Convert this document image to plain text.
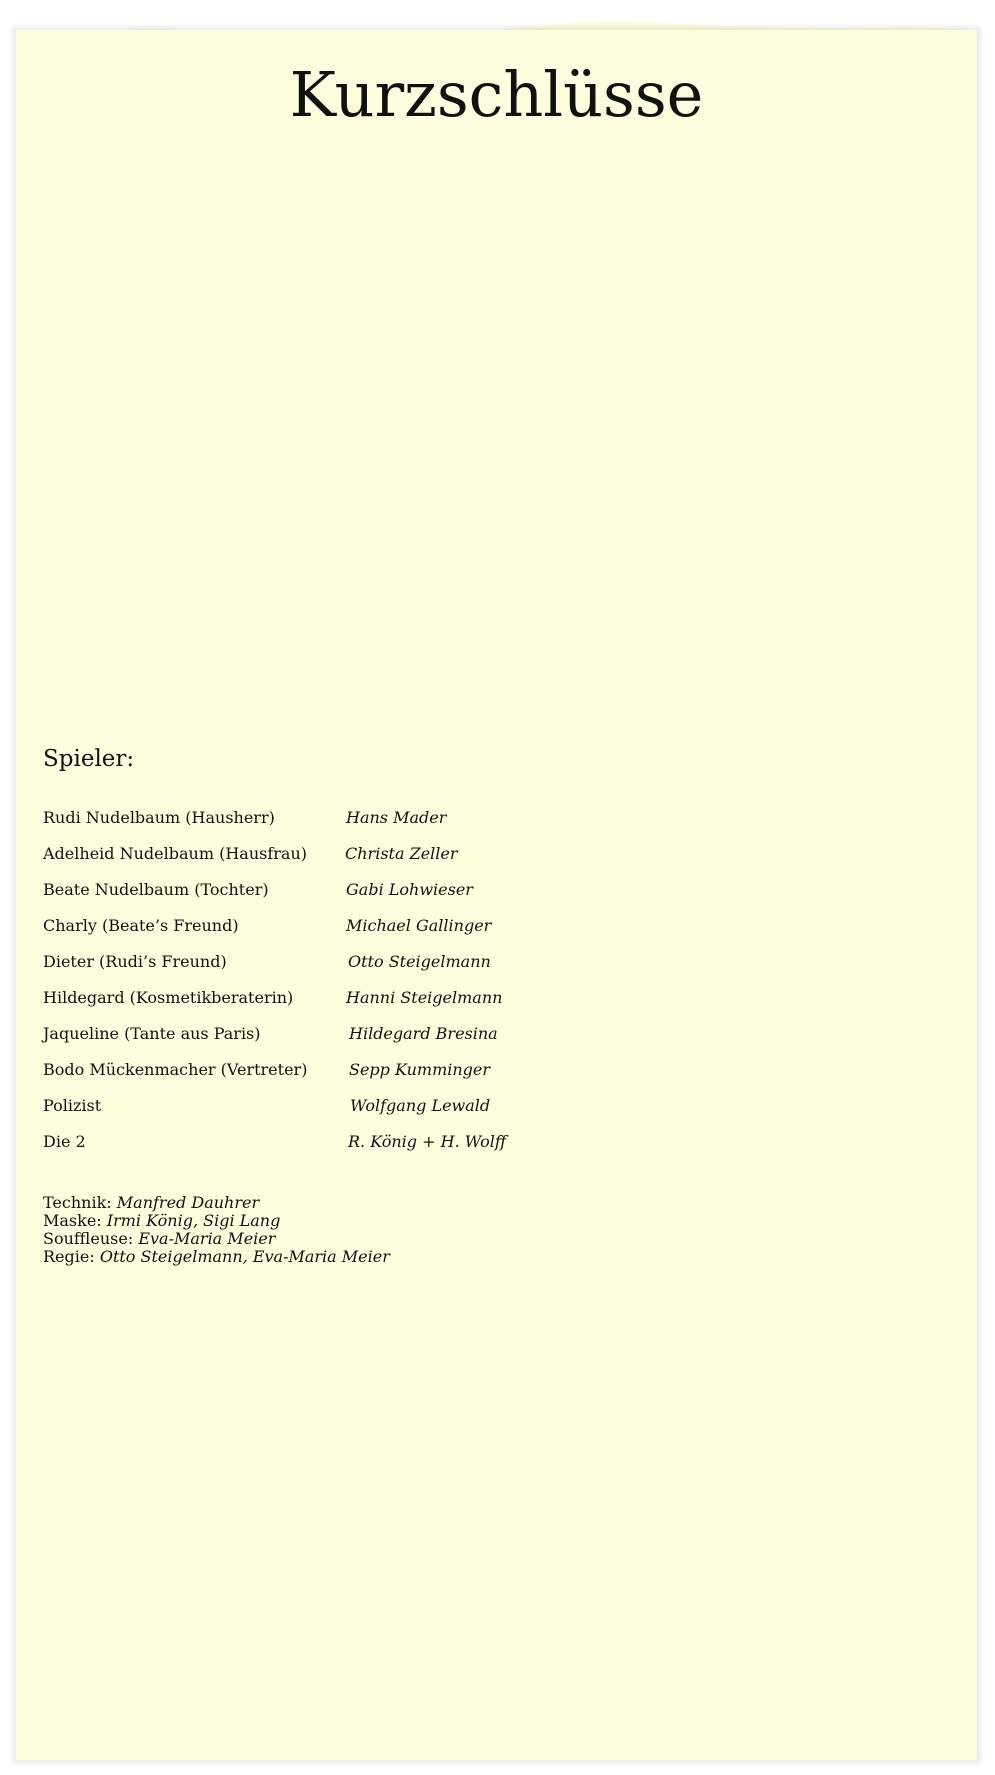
Kurzschlüsse
Spieler:
Rudi Nudelbaum (Hausherr)	Hans Mader
Adelheid Nudelbaum (Hausfrau) Christa Zeller
Beate Nudelbaum (Tochter)	Gabi Lohwieser
Charly (Beate’s Freund)	Michael Gallinger
Dieter (Rudi’s Freund)	Otto Steigelmann
Hildegard (Kosmetikberaterin)	Hanni Steigelmann
Jaqueline (Tante aus Paris)	Hildegard Bresina
Bodo Mückenmacher (Vertreter)	Sepp Kumminger
Polizist	Wolfgang Lewald
Die 2	R. König + H. Wolff
Technik: Manfred Dauhrer
Maske: Irmi König, Sigi Lang
Souffleuse: Eva-Maria Meier
Regie: Otto Steigelmann, Eva-Maria Meier
